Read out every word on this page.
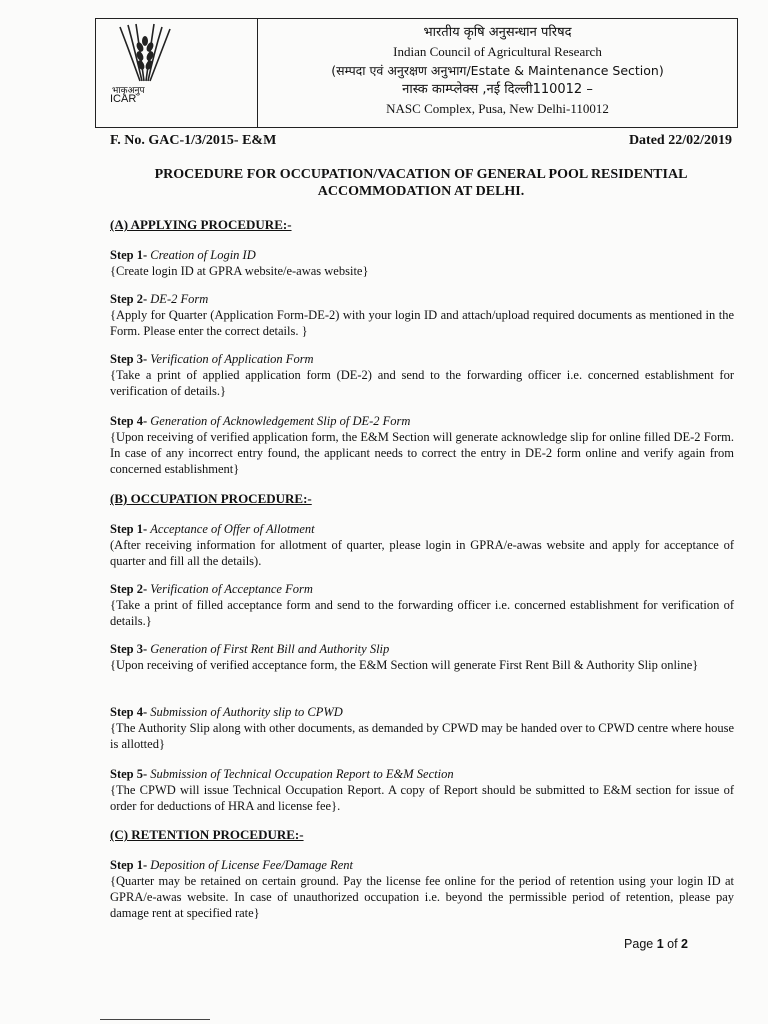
भाकृअनुप
ICAR
भारतीय कृषि अनुसन्धान परिषद
Indian Council of Agricultural Research
(सम्पदा एवं अनुरक्षण अनुभाग/Estate & Maintenance Section)
नास्क काम्प्लेक्स ,नई दिल्ली110012 –
NASC Complex, Pusa, New Delhi-110012
F. No. GAC-1/3/2015- E&M	Dated 22/02/2019
PROCEDURE FOR OCCUPATION/VACATION OF GENERAL POOL RESIDENTIAL
ACCOMMODATION AT DELHI.
(A) APPLYING PROCEDURE:-
Step 1- Creation of Login ID
{Create login ID at GPRA website/e-awas website}
Step 2- DE-2 Form
{Apply for Quarter (Application Form-DE-2) with your login ID and attach/upload required documents as mentioned in the Form. Please enter the correct details. }
Step 3- Verification of Application Form
{Take a print of applied application form (DE-2) and send to the forwarding officer i.e. concerned establishment for verification of details.}
Step 4- Generation of Acknowledgement Slip of DE-2 Form
{Upon receiving of verified application form, the E&M Section will generate acknowledge slip for online filled DE-2 Form. In case of any incorrect entry found, the applicant needs to correct the entry in DE-2 form online and verify again from concerned establishment}
(B) OCCUPATION PROCEDURE:-
Step 1- Acceptance of Offer of Allotment
(After receiving information for allotment of quarter, please login in GPRA/e-awas website and apply for acceptance of quarter and fill all the details).
Step 2- Verification of Acceptance Form
{Take a print of filled acceptance form and send to the forwarding officer i.e. concerned establishment for verification of details.}
Step 3- Generation of First Rent Bill and Authority Slip
{Upon receiving of verified acceptance form, the E&M Section will generate First Rent Bill & Authority Slip online}
Step 4- Submission of Authority slip to CPWD
{The Authority Slip along with other documents, as demanded by CPWD may be handed over to CPWD centre where house is allotted}
Step 5- Submission of Technical Occupation Report to E&M Section
{The CPWD will issue Technical Occupation Report. A copy of Report should be submitted to E&M section for issue of order for deductions of HRA and license fee}.
(C) RETENTION PROCEDURE:-
Step 1- Deposition of License Fee/Damage Rent
{Quarter may be retained on certain ground. Pay the license fee online for the period of retention using your login ID at GPRA/e-awas website. In case of unauthorized occupation i.e. beyond the permissible period of retention, please pay damage rent at specified rate}
Page 1 of 2
